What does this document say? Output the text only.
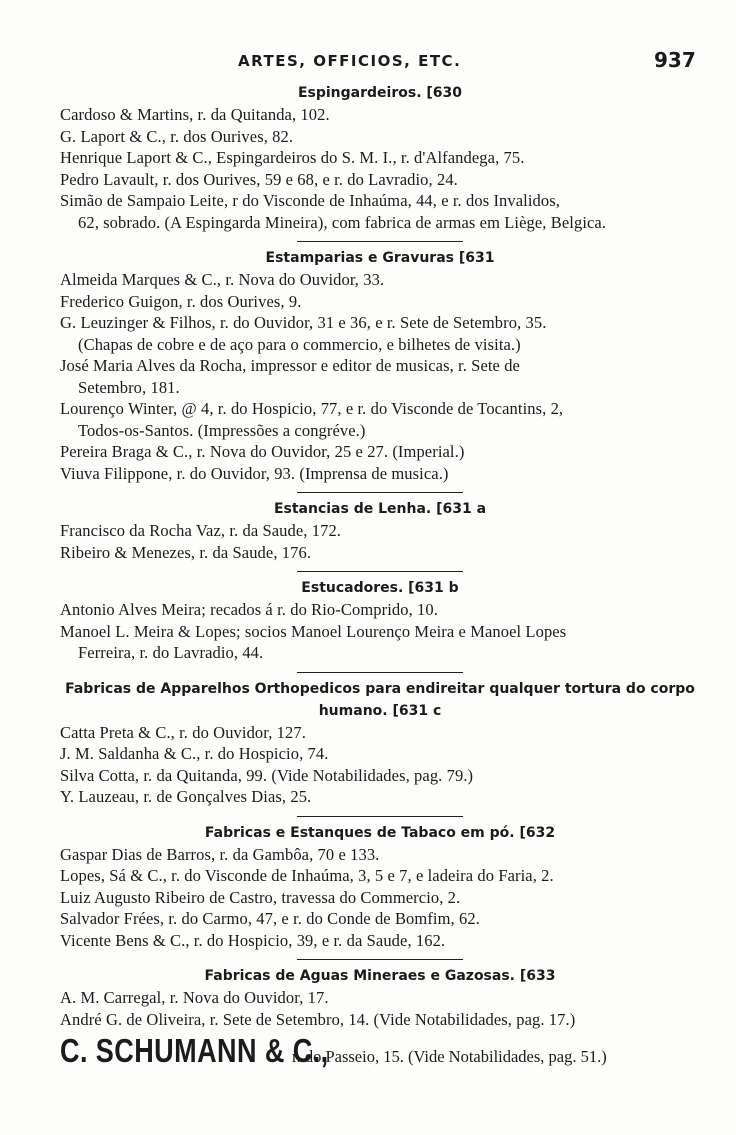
ARTES, OFFICIOS, ETC.	937
Espingardeiros. [630
Cardoso & Martins, r. da Quitanda, 102.
G. Laport & C., r. dos Ourives, 82.
Henrique Laport & C., Espingardeiros do S. M. I., r. d'Alfandega, 75.
Pedro Lavault, r. dos Ourives, 59 e 68, e r. do Lavradio, 24.
Simão de Sampaio Leite, r do Visconde de Inhaúma, 44, e r. dos Invalidos,
62, sobrado. (A Espingarda Mineira), com fabrica de armas em Liège, Belgica.
Estamparias e Gravuras [631
Almeida Marques & C., r. Nova do Ouvidor, 33.
Frederico Guigon, r. dos Ourives, 9.
G. Leuzinger & Filhos, r. do Ouvidor, 31 e 36, e r. Sete de Setembro, 35.
(Chapas de cobre e de aço para o commercio, e bilhetes de visita.)
José Maria Alves da Rocha, impressor e editor de musicas, r. Sete de
Setembro, 181.
Lourenço Winter, @ 4, r. do Hospicio, 77, e r. do Visconde de Tocantins, 2,
Todos-os-Santos. (Impressões a congréve.)
Pereira Braga & C., r. Nova do Ouvidor, 25 e 27. (Imperial.)
Viuva Filippone, r. do Ouvidor, 93. (Imprensa de musica.)
Estancias de Lenha. [631 a
Francisco da Rocha Vaz, r. da Saude, 172.
Ribeiro & Menezes, r. da Saude, 176.
Estucadores. [631 b
Antonio Alves Meira; recados á r. do Rio-Comprido, 10.
Manoel L. Meira & Lopes; socios Manoel Lourenço Meira e Manoel Lopes
Ferreira, r. do Lavradio, 44.
Fabricas de Apparelhos Orthopedicos para endireitar qualquer tortura do corpo humano. [631 c
Catta Preta & C., r. do Ouvidor, 127.
J. M. Saldanha & C., r. do Hospicio, 74.
Silva Cotta, r. da Quitanda, 99. (Vide Notabilidades, pag. 79.)
Y. Lauzeau, r. de Gonçalves Dias, 25.
Fabricas e Estanques de Tabaco em pó. [632
Gaspar Dias de Barros, r. da Gambôa, 70 e 133.
Lopes, Sá & C., r. do Visconde de Inhaúma, 3, 5 e 7, e ladeira do Faria, 2.
Luiz Augusto Ribeiro de Castro, travessa do Commercio, 2.
Salvador Frées, r. do Carmo, 47, e r. do Conde de Bomfim, 62.
Vicente Bens & C., r. do Hospicio, 39, e r. da Saude, 162.
Fabricas de Aguas Mineraes e Gazosas. [633
A. M. Carregal, r. Nova do Ouvidor, 17.
André G. de Oliveira, r. Sete de Setembro, 14. (Vide Notabilidades, pag. 17.)
C. SCHUMANN & C., r. do Passeio, 15. (Vide Notabilidades, pag. 51.)
